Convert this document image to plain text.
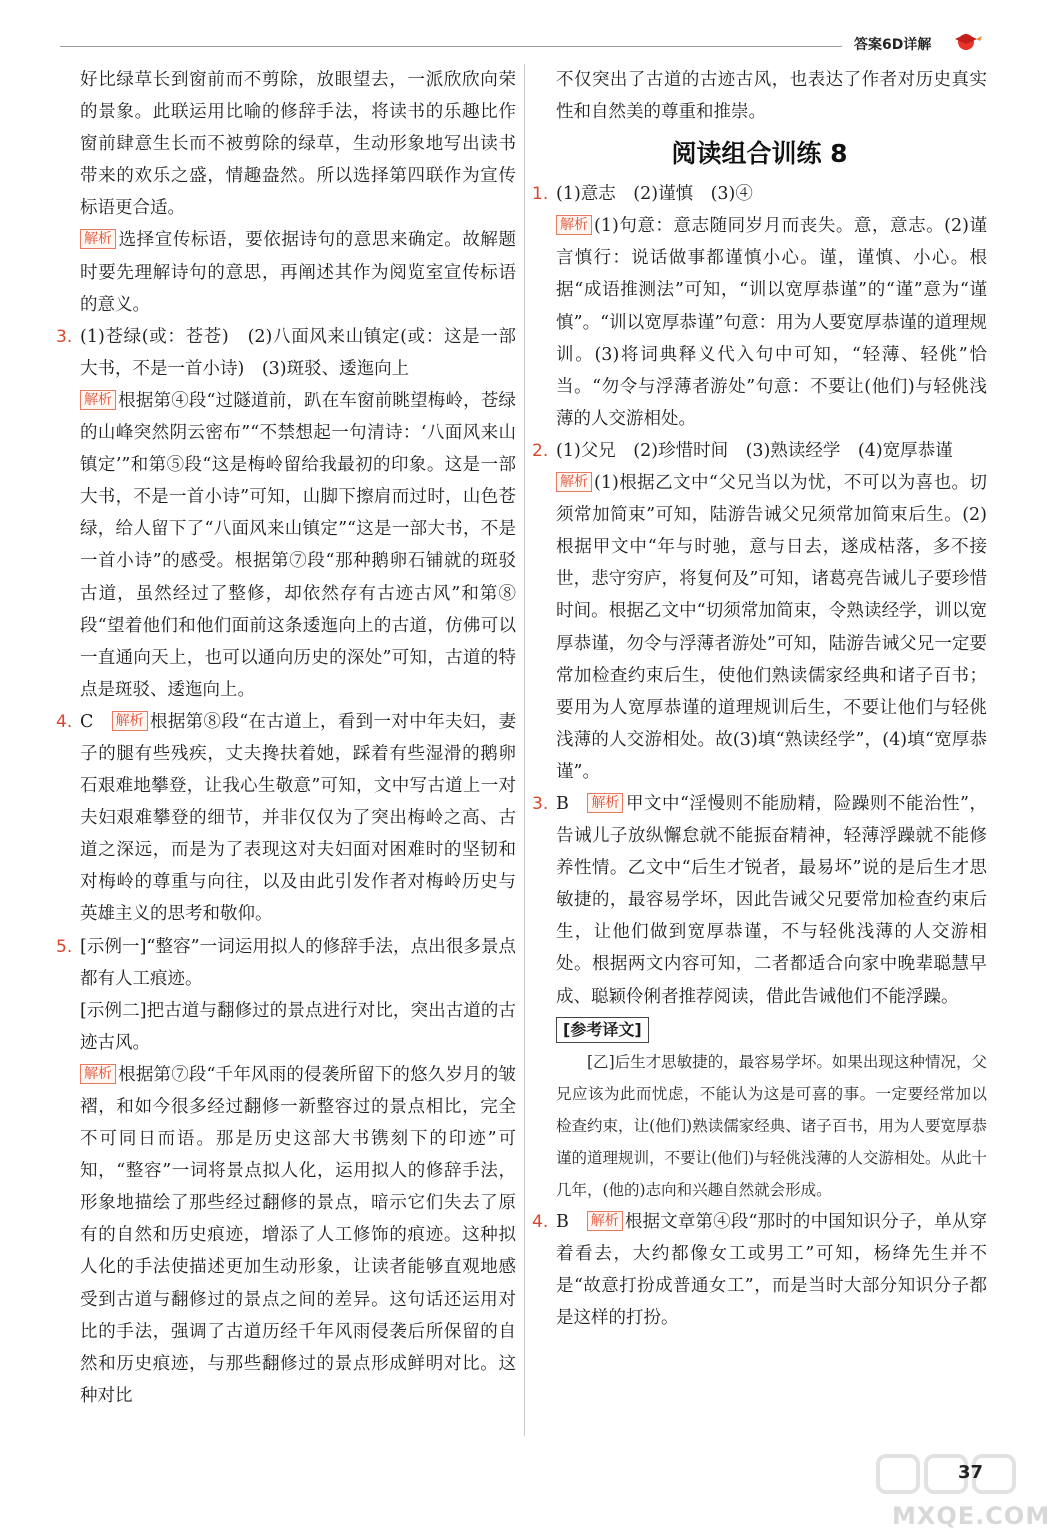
答案6D详解

好比绿草长到窗前而不剪除，放眼望去，一派欣欣向荣的景象。此联运用比喻的修辞手法，将读书的乐趣比作窗前肆意生长而不被剪除的绿草，生动形象地写出读书带来的欢乐之盛，情趣盎然。所以选择第四联作为宣传标语更合适。

解析 选择宣传标语，要依据诗句的意思来确定。故解题时要先理解诗句的意思，再阐述其作为阅览室宣传标语的意义。

3. (1)苍绿(或：苍苍)　(2)八面风来山镇定(或：这是一部大书，不是一首小诗)　(3)斑驳、逶迤向上

解析 根据第④段“过隧道前，趴在车窗前眺望梅岭，苍绿的山峰突然阴云密布”“不禁想起一句清诗：‘八面风来山镇定’”和第⑤段“这是梅岭留给我最初的印象。这是一部大书，不是一首小诗”可知，山脚下擦肩而过时，山色苍绿，给人留下了“八面风来山镇定”“这是一部大书，不是一首小诗”的感受。根据第⑦段“那种鹅卵石铺就的斑驳古道，虽然经过了整修，却依然存有古迹古风”和第⑧段“望着他们和他们面前这条逶迤向上的古道，仿佛可以一直通向天上，也可以通向历史的深处”可知，古道的特点是斑驳、逶迤向上。

4. C　 解析 根据第⑧段“在古道上，看到一对中年夫妇，妻子的腿有些残疾，丈夫搀扶着她，踩着有些湿滑的鹅卵石艰难地攀登，让我心生敬意”可知，文中写古道上一对夫妇艰难攀登的细节，并非仅仅为了突出梅岭之高、古道之深远，而是为了表现这对夫妇面对困难时的坚韧和对梅岭的尊重与向往，以及由此引发作者对梅岭历史与英雄主义的思考和敬仰。

5. [示例一]“整容”一词运用拟人的修辞手法，点出很多景点都有人工痕迹。

[示例二]把古道与翻修过的景点进行对比，突出古道的古迹古风。

解析 根据第⑦段“千年风雨的侵袭所留下的悠久岁月的皱褶，和如今很多经过翻修一新整容过的景点相比，完全不可同日而语。那是历史这部大书镌刻下的印迹”可知，“整容”一词将景点拟人化，运用拟人的修辞手法，形象地描绘了那些经过翻修的景点，暗示它们失去了原有的自然和历史痕迹，增添了人工修饰的痕迹。这种拟人化的手法使描述更加生动形象，让读者能够直观地感受到古道与翻修过的景点之间的差异。这句话还运用对比的手法，强调了古道历经千年风雨侵袭后所保留的自然和历史痕迹，与那些翻修过的景点形成鲜明对比。这种对比

不仅突出了古道的古迹古风，也表达了作者对历史真实性和自然美的尊重和推崇。

阅读组合训练 8

1. (1)意志　(2)谨慎　(3)④

解析 (1)句意：意志随同岁月而丧失。意，意志。(2)谨言慎行：说话做事都谨慎小心。谨，谨慎、小心。根据“成语推测法”可知，“训以宽厚恭谨”的“谨”意为“谨慎”。“训以宽厚恭谨”句意：用为人要宽厚恭谨的道理规训。(3)将词典释义代入句中可知，“轻薄、轻佻”恰当。“勿令与浮薄者游处”句意：不要让(他们)与轻佻浅薄的人交游相处。

2. (1)父兄　(2)珍惜时间　(3)熟读经学　(4)宽厚恭谨

解析 (1)根据乙文中“父兄当以为忧，不可以为喜也。切须常加简束”可知，陆游告诫父兄须常加简束后生。(2)根据甲文中“年与时驰，意与日去，遂成枯落，多不接世，悲守穷庐，将复何及”可知，诸葛亮告诫儿子要珍惜时间。根据乙文中“切须常加简束，令熟读经学，训以宽厚恭谨，勿令与浮薄者游处”可知，陆游告诫父兄一定要常加检查约束后生，使他们熟读儒家经典和诸子百书；要用为人宽厚恭谨的道理规训后生，不要让他们与轻佻浅薄的人交游相处。故(3)填“熟读经学”，(4)填“宽厚恭谨”。

3. B　 解析 甲文中“淫慢则不能励精，险躁则不能治性”，告诫儿子放纵懈怠就不能振奋精神，轻薄浮躁就不能修养性情。乙文中“后生才锐者，最易坏”说的是后生才思敏捷的，最容易学坏，因此告诫父兄要常加检查约束后生，让他们做到宽厚恭谨，不与轻佻浅薄的人交游相处。根据两文内容可知，二者都适合向家中晚辈聪慧早成、聪颖伶俐者推荐阅读，借此告诫他们不能浮躁。

[参考译文]

[乙]后生才思敏捷的，最容易学坏。如果出现这种情况，父兄应该为此而忧虑，不能认为这是可喜的事。一定要经常加以检查约束，让(他们)熟读儒家经典、诸子百书，用为人要宽厚恭谨的道理规训，不要让(他们)与轻佻浅薄的人交游相处。从此十几年，(他的)志向和兴趣自然就会形成。

4. B　 解析 根据文章第④段“那时的中国知识分子，单从穿着看去，大约都像女工或男工”可知，杨绛先生并不是“故意打扮成普通女工”，而是当时大部分知识分子都是这样的打扮。

37
MXQE.COM
